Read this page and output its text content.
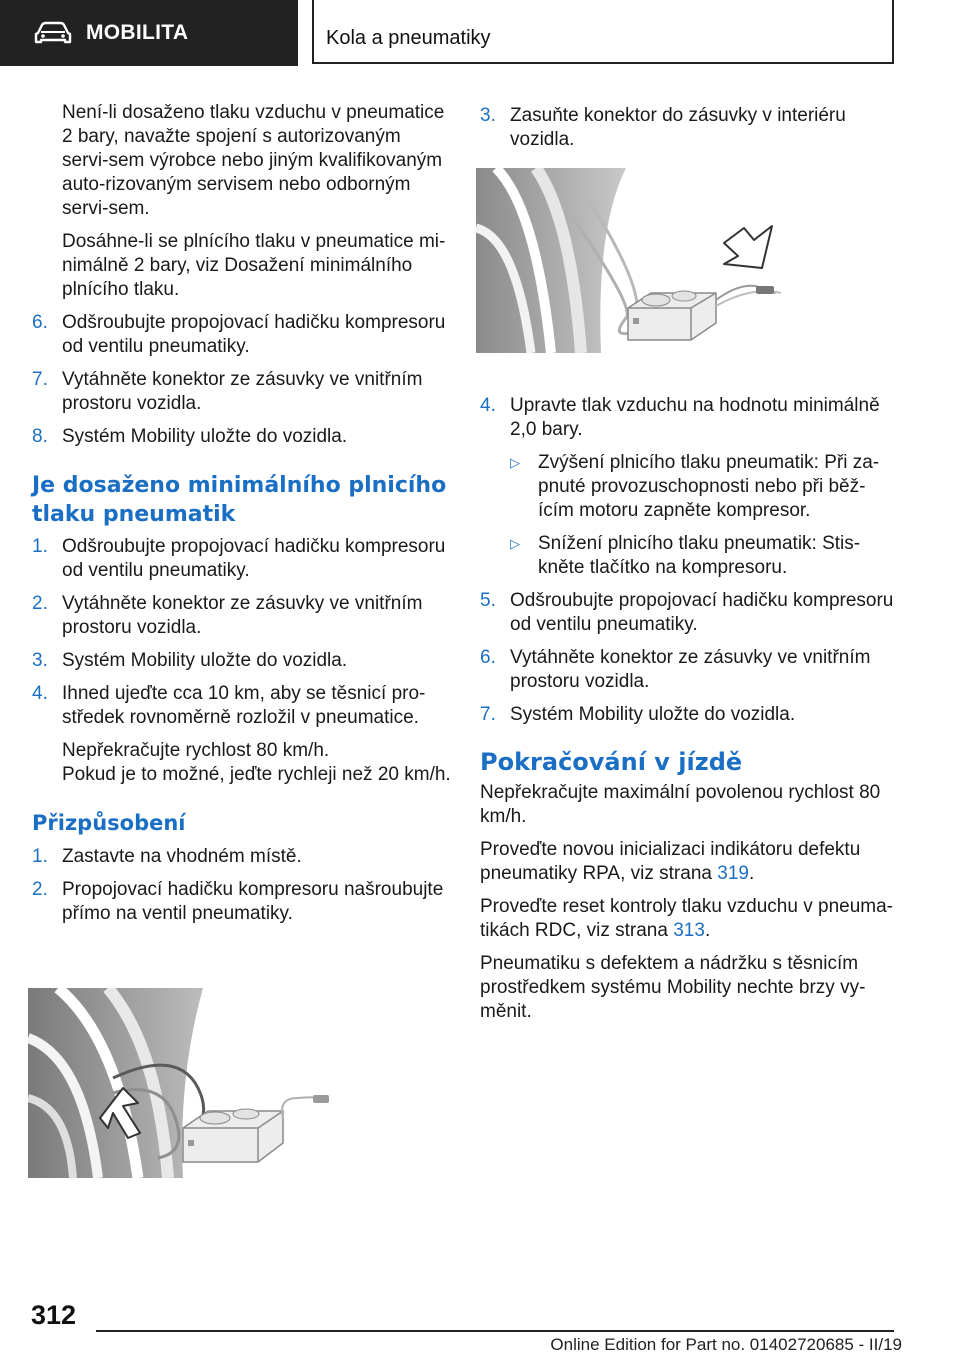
MOBILITA	Kola a pneumatiky

Není-li dosaženo tlaku vzduchu v pneumatice 2 bary, navažte spojení s autorizovaným servi-sem výrobce nebo jiným kvalifikovaným auto-rizovaným servisem nebo odborným servi-sem.

Dosáhne-li se plnícího tlaku v pneumatice mi-nimálně 2 bary, viz Dosažení minimálního plnícího tlaku.

6. Odšroubujte propojovací hadičku kompresoru od ventilu pneumatiky.
7. Vytáhněte konektor ze zásuvky ve vnitřním prostoru vozidla.
8. Systém Mobility uložte do vozidla.
Je dosaženo minimálního plnicího tlaku pneumatik
1. Odšroubujte propojovací hadičku kompresoru od ventilu pneumatiky.
2. Vytáhněte konektor ze zásuvky ve vnitřním prostoru vozidla.
3. Systém Mobility uložte do vozidla.
4. Ihned ujeďte cca 10 km, aby se těsnicí pro-středek rovnoměrně rozložil v pneumatice.

Nepřekračujte rychlost 80 km/h.

Pokud je to možné, jeďte rychleji než 20 km/h.

Přizpůsobení
1. Zastavte na vhodném místě.
2. Propojovací hadičku kompresoru našroubujte přímo na ventil pneumatiky.
3. Zasuňte konektor do zásuvky v interiéru vozidla.
4. Upravte tlak vzduchu na hodnotu minimálně 2,0 bary.
▷ Zvýšení plnicího tlaku pneumatik: Při za-pnuté provozuschopnosti nebo při běž-ícím motoru zapněte kompresor.
▷ Snížení plnicího tlaku pneumatik: Stis-kněte tlačítko na kompresoru.
5. Odšroubujte propojovací hadičku kompresoru od ventilu pneumatiky.
6. Vytáhněte konektor ze zásuvky ve vnitřním prostoru vozidla.
7. Systém Mobility uložte do vozidla.
Pokračování v jízdě

Nepřekračujte maximální povolenou rychlost 80 km/h.

Proveďte novou inicializaci indikátoru defektu pneumatiky RPA, viz strana 319.

Proveďte reset kontroly tlaku vzduchu v pneuma-tikách RDC, viz strana 313.

Pneumatiku s defektem a nádržku s těsnicím prostředkem systému Mobility nechte brzy vy-měnit.

312
Online Edition for Part no. 01402720685 - II/19
